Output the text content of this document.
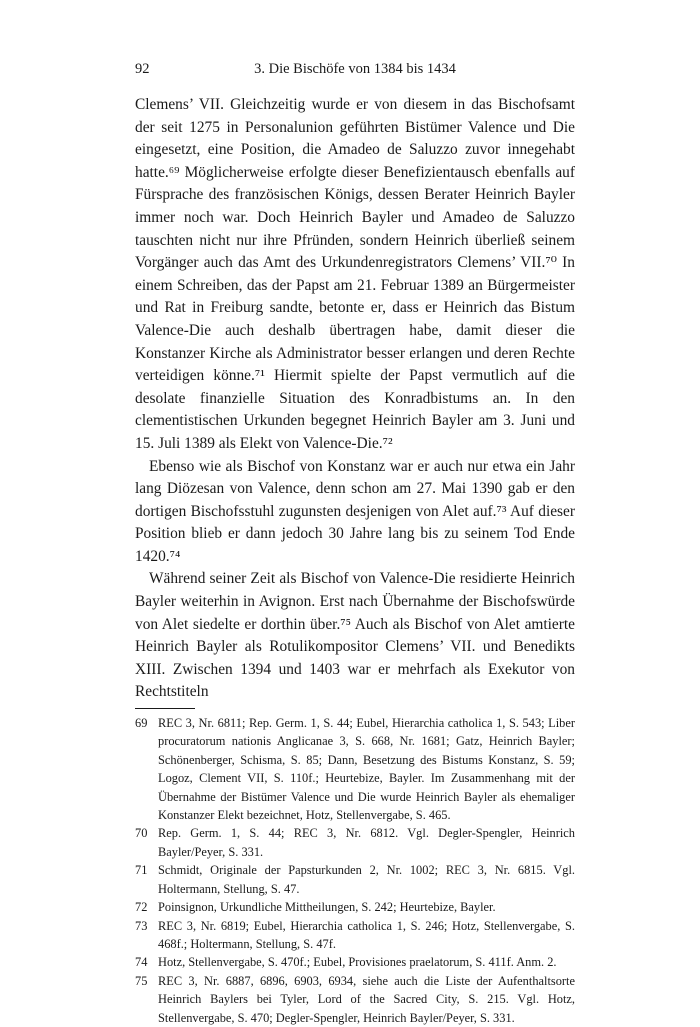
92	3. Die Bischöfe von 1384 bis 1434

Clemens’ VII. Gleichzeitig wurde er von diesem in das Bischofsamt der seit 1275 in Personalunion geführten Bistümer Valence und Die eingesetzt, eine Position, die Amadeo de Saluzzo zuvor innegehabt hatte.⁶⁹ Möglicherweise erfolgte dieser Benefizientausch ebenfalls auf Fürsprache des französischen Königs, dessen Berater Heinrich Bayler immer noch war. Doch Heinrich Bayler und Amadeo de Saluzzo tauschten nicht nur ihre Pfründen, sondern Heinrich überließ seinem Vorgänger auch das Amt des Urkundenregistrators Clemens’ VII.⁷⁰ In einem Schreiben, das der Papst am 21. Februar 1389 an Bürgermeister und Rat in Freiburg sandte, betonte er, dass er Heinrich das Bistum Valence-Die auch deshalb übertragen habe, damit dieser die Konstanzer Kirche als Administrator besser erlangen und deren Rechte verteidigen könne.⁷¹ Hiermit spielte der Papst vermutlich auf die desolate finanzielle Situation des Konradbistums an. In den clementistischen Urkunden begegnet Heinrich Bayler am 3. Juni und 15. Juli 1389 als Elekt von Valence-Die.⁷²

Ebenso wie als Bischof von Konstanz war er auch nur etwa ein Jahr lang Diözesan von Valence, denn schon am 27. Mai 1390 gab er den dortigen Bischofsstuhl zugunsten desjenigen von Alet auf.⁷³ Auf dieser Position blieb er dann jedoch 30 Jahre lang bis zu seinem Tod Ende 1420.⁷⁴

Während seiner Zeit als Bischof von Valence-Die residierte Heinrich Bayler weiterhin in Avignon. Erst nach Übernahme der Bischofswürde von Alet siedelte er dorthin über.⁷⁵ Auch als Bischof von Alet amtierte Heinrich Bayler als Rotulikompositor Clemens’ VII. und Benedikts XIII. Zwischen 1394 und 1403 war er mehrfach als Exekutor von Rechtstiteln

69 REC 3, Nr. 6811; Rep. Germ. 1, S. 44; Eubel, Hierarchia catholica 1, S. 543; Liber procuratorum nationis Anglicanae 3, S. 668, Nr. 1681; Gatz, Heinrich Bayler; Schönenberger, Schisma, S. 85; Dann, Besetzung des Bistums Konstanz, S. 59; Logoz, Clement VII, S. 110f.; Heurtebize, Bayler. Im Zusammenhang mit der Übernahme der Bistümer Valence und Die wurde Heinrich Bayler als ehemaliger Konstanzer Elekt bezeichnet, Hotz, Stellenvergabe, S. 465.
70 Rep. Germ. 1, S. 44; REC 3, Nr. 6812. Vgl. Degler-Spengler, Heinrich Bayler/Peyer, S. 331.
71 Schmidt, Originale der Papsturkunden 2, Nr. 1002; REC 3, Nr. 6815. Vgl. Holtermann, Stellung, S. 47.
72 Poinsignon, Urkundliche Mittheilungen, S. 242; Heurtebize, Bayler.
73 REC 3, Nr. 6819; Eubel, Hierarchia catholica 1, S. 246; Hotz, Stellenvergabe, S. 468f.; Holtermann, Stellung, S. 47f.
74 Hotz, Stellenvergabe, S. 470f.; Eubel, Provisiones praelatorum, S. 411f. Anm. 2.
75 REC 3, Nr. 6887, 6896, 6903, 6934, siehe auch die Liste der Aufenthaltsorte Heinrich Baylers bei Tyler, Lord of the Sacred City, S. 215. Vgl. Hotz, Stellenvergabe, S. 470; Degler-Spengler, Heinrich Bayler/Peyer, S. 331.
